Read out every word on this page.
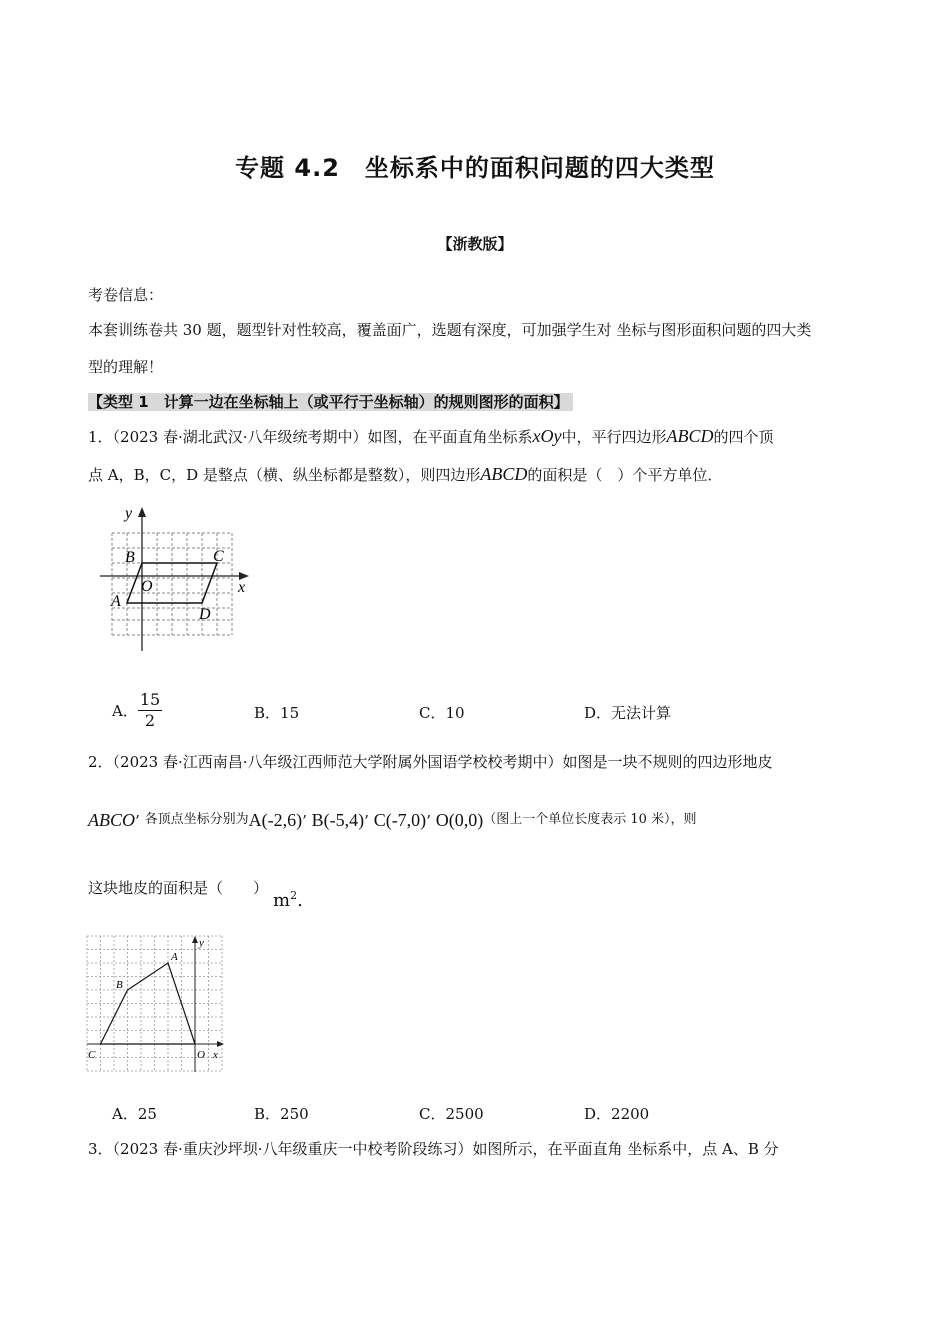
专题 4.2　坐标系中的面积问题的四大类型
【浙教版】
考卷信息：
本套训练卷共 30 题，题型针对性较高，覆盖面广，选题有深度，可加强学生对 坐标与图形面积问题的四大类
型的理解！
【类型 1　计算一边在坐标轴上（或平行于坐标轴）的规则图形的面积】
1．（2023 春·湖北武汉·八年级统考期中）如图，在平面直角坐标系xOy中，平行四边形ABCD的四个顶
点 A，B，C，D 是整点（横、纵坐标都是整数），则四边形ABCD的面积是（　）个平方单位．
y
x
B	C
O
A
D
A． $\frac{15}{2}$	B．15	C．10	D．无法计算
2．（2023 春·江西南昌·八年级江西师范大学附属外国语学校校考期中）如图是一块不规则的四边形地皮
ABCO’ 各顶点坐标分别为A(-2,6)’ B(-5,4)’ C(-7,0)’ O(0,0)（图上一个单位长度表示 10 米），则
这块地皮的面积是（　　）
$m^2$.
y
x
A
B
C	O
A．25	B．250	C．2500	D．2200
3．（2023 春·重庆沙坪坝·八年级重庆一中校考阶段练习）如图所示，在平面直角 坐标系中，点 A、B 分
